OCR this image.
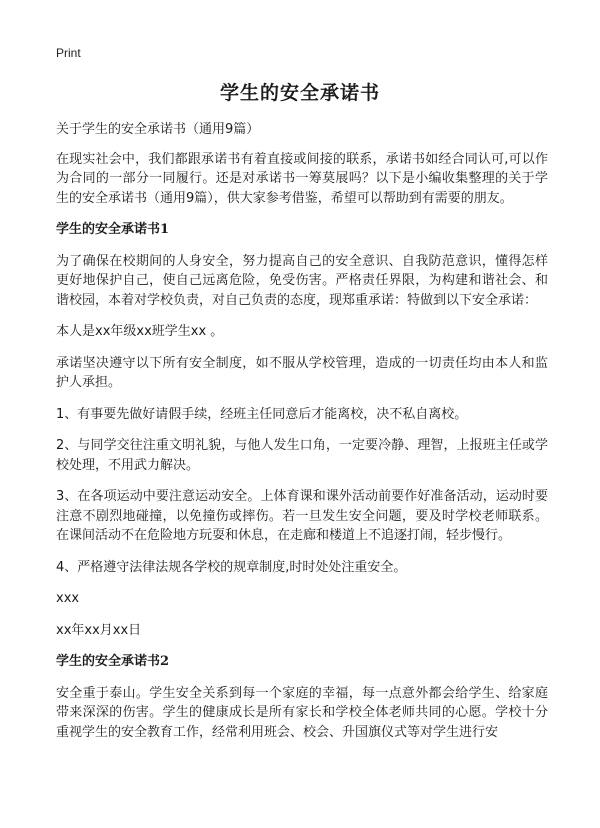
Print
学生的安全承诺书

关于学生的安全承诺书（通用9篇）

在现实社会中，我们都跟承诺书有着直接或间接的联系，承诺书如经合同认可,可以作为合同的一部分一同履行。还是对承诺书一筹莫展吗？以下是小编收集整理的关于学生的安全承诺书（通用9篇），供大家参考借鉴，希望可以帮助到有需要的朋友。

学生的安全承诺书1

为了确保在校期间的人身安全，努力提高自己的安全意识、自我防范意识，懂得怎样更好地保护自己，使自己远离危险，免受伤害。严格责任界限，为构建和谐社会、和谐校园，本着对学校负责，对自己负责的态度，现郑重承诺：特做到以下安全承诺：

本人是xx年级xx班学生xx 。

承诺坚决遵守以下所有安全制度，如不服从学校管理，造成的一切责任均由本人和监护人承担。

1、有事要先做好请假手续，经班主任同意后才能离校，决不私自离校。

2、与同学交往注重文明礼貌，与他人发生口角，一定要冷静、理智，上报班主任或学校处理，不用武力解决。

3、在各项运动中要注意运动安全。上体育课和课外活动前要作好准备活动，运动时要注意不剧烈地碰撞，以免撞伤或摔伤。若一旦发生安全问题，要及时学校老师联系。在课间活动不在危险地方玩耍和休息，在走廊和楼道上不追逐打闹，轻步慢行。

4、严格遵守法律法规各学校的规章制度,时时处处注重安全。

xxx

xx年xx月xx日

学生的安全承诺书2

安全重于泰山。学生安全关系到每一个家庭的幸福，每一点意外都会给学生、给家庭带来深深的伤害。学生的健康成长是所有家长和学校全体老师共同的心愿。学校十分重视学生的安全教育工作，经常利用班会、校会、升国旗仪式等对学生进行安
